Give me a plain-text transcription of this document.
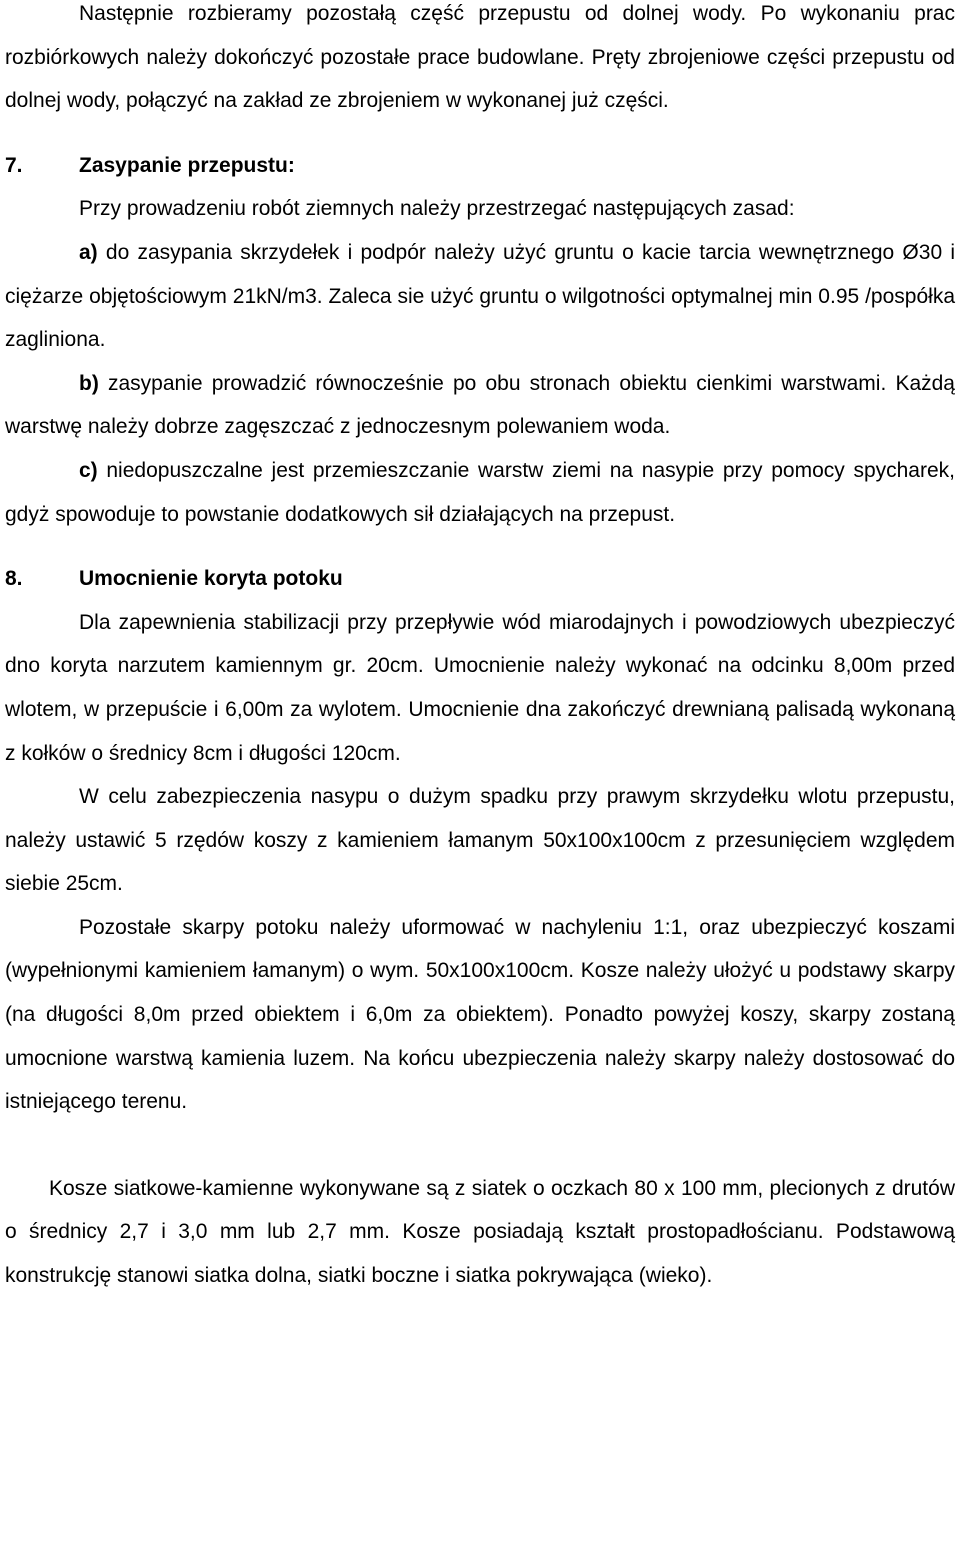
Następnie rozbieramy pozostałą część przepustu od dolnej wody. Po wykonaniu prac rozbiórkowych należy dokończyć pozostałe prace budowlane. Pręty zbrojeniowe części przepustu od dolnej wody, połączyć na zakład ze zbrojeniem w wykonanej już części.

7.	Zasypanie przepustu:

Przy prowadzeniu robót ziemnych należy przestrzegać następujących zasad:

a) do zasypania skrzydełek i podpór należy użyć gruntu o kacie tarcia wewnętrznego Ø30 i ciężarze objętościowym 21kN/m3. Zaleca sie użyć gruntu o wilgotności optymalnej min 0.95 /pospółka zagliniona.

b) zasypanie prowadzić równocześnie po obu stronach obiektu cienkimi warstwami. Każdą warstwę należy dobrze zagęszczać z jednoczesnym polewaniem woda.

c) niedopuszczalne jest przemieszczanie warstw ziemi na nasypie przy pomocy spycharek, gdyż spowoduje to powstanie dodatkowych sił działających na przepust.

8.	Umocnienie koryta potoku

Dla zapewnienia stabilizacji przy przepływie wód miarodajnych i powodziowych ubezpieczyć dno koryta narzutem kamiennym gr. 20cm. Umocnienie należy wykonać na odcinku 8,00m przed wlotem, w przepuście i 6,00m za wylotem. Umocnienie dna zakończyć drewnianą palisadą wykonaną z kołków o średnicy 8cm i długości 120cm.

W celu zabezpieczenia nasypu o dużym spadku przy prawym skrzydełku wlotu przepustu, należy ustawić 5 rzędów koszy z kamieniem łamanym 50x100x100cm z przesunięciem względem siebie 25cm.

Pozostałe skarpy potoku należy uformować w nachyleniu 1:1, oraz ubezpieczyć koszami (wypełnionymi kamieniem łamanym) o wym. 50x100x100cm. Kosze należy ułożyć u podstawy skarpy (na długości 8,0m przed obiektem i 6,0m za obiektem). Ponadto powyżej koszy, skarpy zostaną umocnione warstwą kamienia luzem. Na końcu ubezpieczenia należy skarpy należy dostosować do istniejącego terenu.

Kosze siatkowe-kamienne wykonywane są z siatek o oczkach 80 x 100 mm, plecionych z drutów o średnicy 2,7 i 3,0 mm lub 2,7 mm. Kosze posiadają kształt prostopadłościanu. Podstawową konstrukcję stanowi siatka dolna, siatki boczne i siatka pokrywająca (wieko).
